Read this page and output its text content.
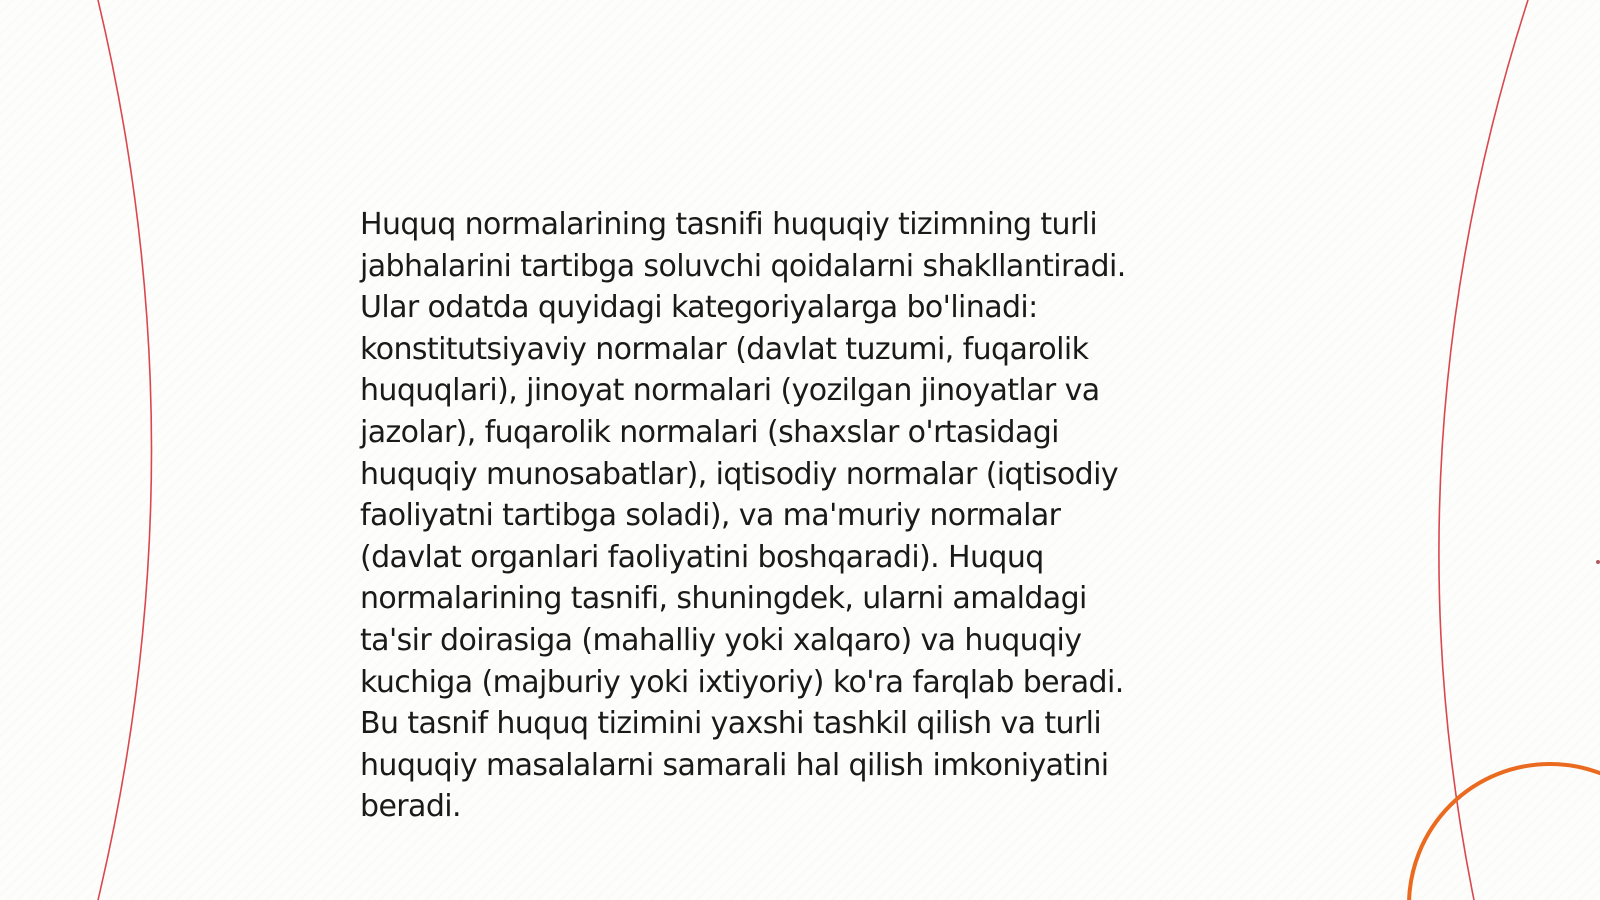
Huquq normalarining tasnifi huquqiy tizimning turli
jabhalarini tartibga soluvchi qoidalarni shakllantiradi.
Ular odatda quyidagi kategoriyalarga bo'linadi:
konstitutsiyaviy normalar (davlat tuzumi, fuqarolik
huquqlari), jinoyat normalari (yozilgan jinoyatlar va
jazolar), fuqarolik normalari (shaxslar o'rtasidagi
huquqiy munosabatlar), iqtisodiy normalar (iqtisodiy
faoliyatni tartibga soladi), va ma'muriy normalar
(davlat organlari faoliyatini boshqaradi). Huquq
normalarining tasnifi, shuningdek, ularni amaldagi
ta'sir doirasiga (mahalliy yoki xalqaro) va huquqiy
kuchiga (majburiy yoki ixtiyoriy) ko'ra farqlab beradi.
Bu tasnif huquq tizimini yaxshi tashkil qilish va turli
huquqiy masalalarni samarali hal qilish imkoniyatini
beradi.
